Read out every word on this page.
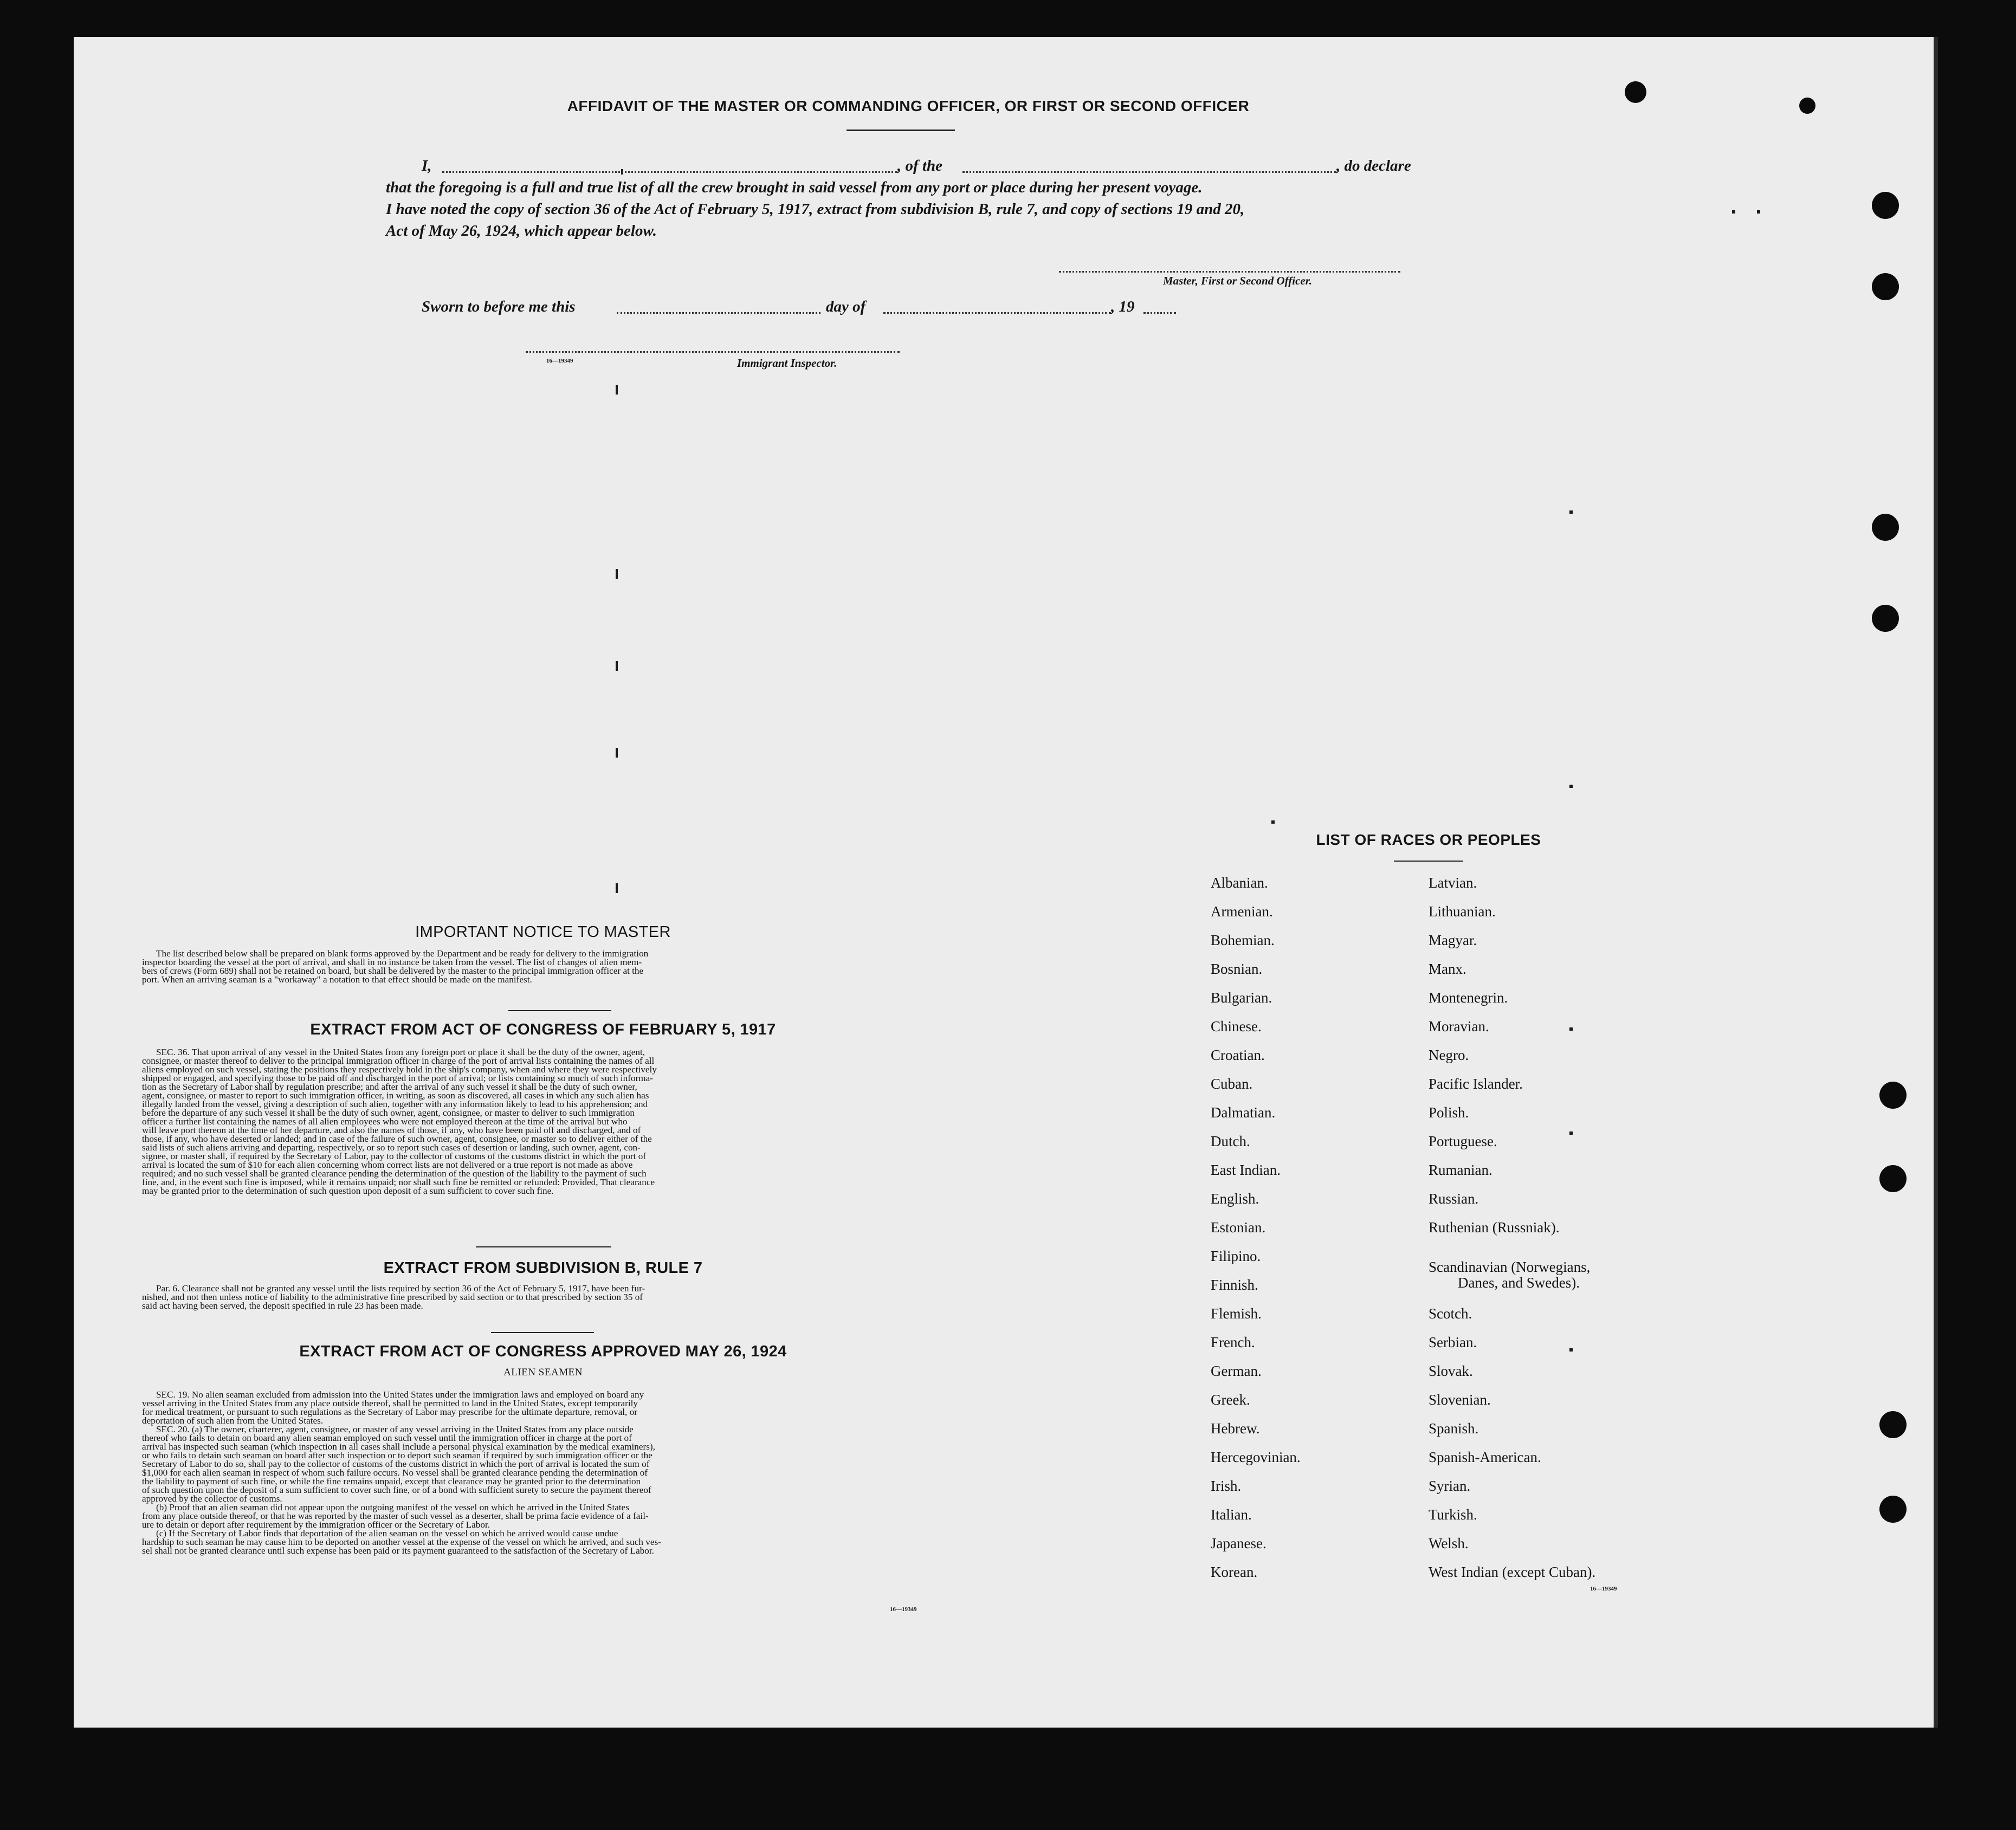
AFFIDAVIT OF THE MASTER OR COMMANDING OFFICER, OR FIRST OR SECOND OFFICER
I,	, of the	, do declare
that the foregoing is a full and true list of all the crew brought in said vessel from any port or place during her present voyage.
I have noted the copy of section 36 of the Act of February 5, 1917, extract from subdivision B, rule 7, and copy of sections 19 and 20,
Act of May 26, 1924, which appear below.
Master, First or Second Officer.
Sworn to before me this	day of	, 19
16—19349	Immigrant Inspector.
IMPORTANT NOTICE TO MASTER

The list described below shall be prepared on blank forms approved by the Department and be ready for delivery to the immigration

inspector boarding the vessel at the port of arrival, and shall in no instance be taken from the vessel. The list of changes of alien mem-

bers of crews (Form 689) shall not be retained on board, but shall be delivered by the master to the principal immigration officer at the

port. When an arriving seaman is a "workaway" a notation to that effect should be made on the manifest.

EXTRACT FROM ACT OF CONGRESS OF FEBRUARY 5, 1917

SEC. 36. That upon arrival of any vessel in the United States from any foreign port or place it shall be the duty of the owner, agent,

consignee, or master thereof to deliver to the principal immigration officer in charge of the port of arrival lists containing the names of all

aliens employed on such vessel, stating the positions they respectively hold in the ship's company, when and where they were respectively

shipped or engaged, and specifying those to be paid off and discharged in the port of arrival; or lists containing so much of such informa-

tion as the Secretary of Labor shall by regulation prescribe; and after the arrival of any such vessel it shall be the duty of such owner,

agent, consignee, or master to report to such immigration officer, in writing, as soon as discovered, all cases in which any such alien has

illegally landed from the vessel, giving a description of such alien, together with any information likely to lead to his apprehension; and

before the departure of any such vessel it shall be the duty of such owner, agent, consignee, or master to deliver to such immigration

officer a further list containing the names of all alien employees who were not employed thereon at the time of the arrival but who

will leave port thereon at the time of her departure, and also the names of those, if any, who have been paid off and discharged, and of

those, if any, who have deserted or landed; and in case of the failure of such owner, agent, consignee, or master so to deliver either of the

said lists of such aliens arriving and departing, respectively, or so to report such cases of desertion or landing, such owner, agent, con-

signee, or master shall, if required by the Secretary of Labor, pay to the collector of customs of the customs district in which the port of

arrival is located the sum of $10 for each alien concerning whom correct lists are not delivered or a true report is not made as above

required; and no such vessel shall be granted clearance pending the determination of the question of the liability to the payment of such

fine, and, in the event such fine is imposed, while it remains unpaid; nor shall such fine be remitted or refunded: Provided, That clearance

may be granted prior to the determination of such question upon deposit of a sum sufficient to cover such fine.

EXTRACT FROM SUBDIVISION B, RULE 7

Par. 6. Clearance shall not be granted any vessel until the lists required by section 36 of the Act of February 5, 1917, have been fur-

nished, and not then unless notice of liability to the administrative fine prescribed by said section or to that prescribed by section 35 of

said act having been served, the deposit specified in rule 23 has been made.

EXTRACT FROM ACT OF CONGRESS APPROVED MAY 26, 1924
ALIEN SEAMEN

SEC. 19. No alien seaman excluded from admission into the United States under the immigration laws and employed on board any

vessel arriving in the United States from any place outside thereof, shall be permitted to land in the United States, except temporarily

for medical treatment, or pursuant to such regulations as the Secretary of Labor may prescribe for the ultimate departure, removal, or

deportation of such alien from the United States.

SEC. 20. (a) The owner, charterer, agent, consignee, or master of any vessel arriving in the United States from any place outside

thereof who fails to detain on board any alien seaman employed on such vessel until the immigration officer in charge at the port of

arrival has inspected such seaman (which inspection in all cases shall include a personal physical examination by the medical examiners),

or who fails to detain such seaman on board after such inspection or to deport such seaman if required by such immigration officer or the

Secretary of Labor to do so, shall pay to the collector of customs of the customs district in which the port of arrival is located the sum of

$1,000 for each alien seaman in respect of whom such failure occurs. No vessel shall be granted clearance pending the determination of

the liability to payment of such fine, or while the fine remains unpaid, except that clearance may be granted prior to the determination

of such question upon the deposit of a sum sufficient to cover such fine, or of a bond with sufficient surety to secure the payment thereof

approved by the collector of customs.

(b) Proof that an alien seaman did not appear upon the outgoing manifest of the vessel on which he arrived in the United States

from any place outside thereof, or that he was reported by the master of such vessel as a deserter, shall be prima facie evidence of a fail-

ure to detain or deport after requirement by the immigration officer or the Secretary of Labor.

(c) If the Secretary of Labor finds that deportation of the alien seaman on the vessel on which he arrived would cause undue

hardship to such seaman he may cause him to be deported on another vessel at the expense of the vessel on which he arrived, and such ves-

sel shall not be granted clearance until such expense has been paid or its payment guaranteed to the satisfaction of the Secretary of Labor.

16—19349
LIST OF RACES OR PEOPLES
Albanian.
Armenian.
Bohemian.
Bosnian.
Bulgarian.
Chinese.
Croatian.
Cuban.
Dalmatian.
Dutch.
East Indian.
English.
Estonian.
Filipino.
Finnish.
Flemish.
French.
German.
Greek.
Hebrew.
Hercegovinian.
Irish.
Italian.
Japanese.
Korean.
Latvian.
Lithuanian.
Magyar.
Manx.
Montenegrin.
Moravian.
Negro.
Pacific Islander.
Polish.
Portuguese.
Rumanian.
Russian.
Ruthenian (Russniak).
Scandinavian (Norwegians,
Danes, and Swedes).
Scotch.
Serbian.
Slovak.
Slovenian.
Spanish.
Spanish-American.
Syrian.
Turkish.
Welsh.
West Indian (except Cuban).
16—19349
